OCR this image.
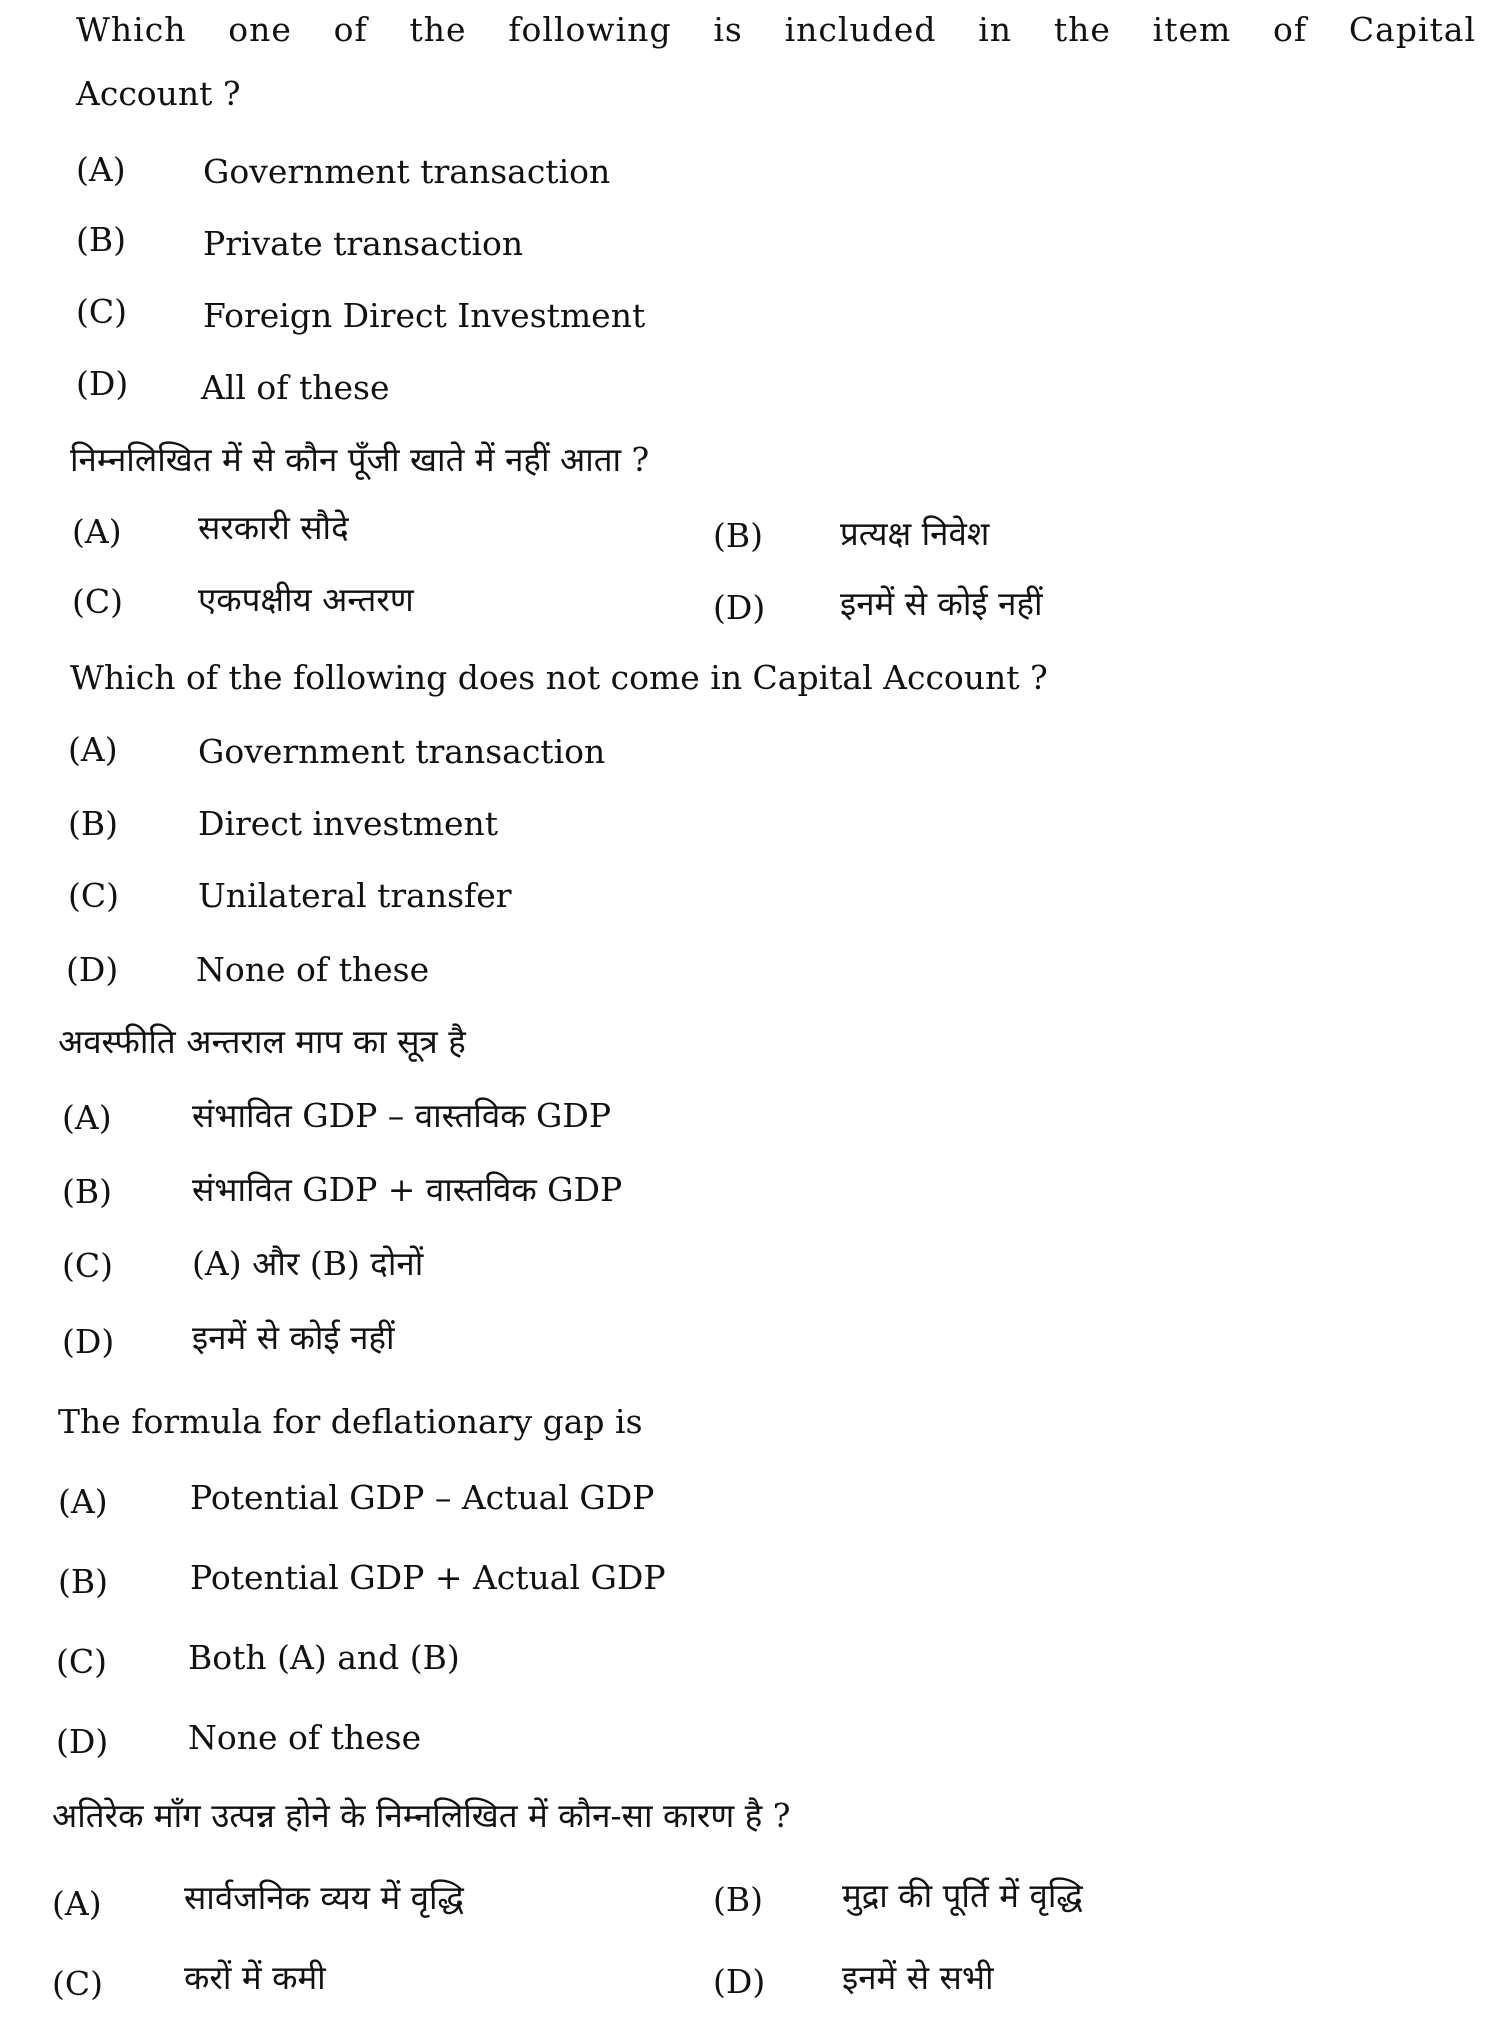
Which one of the following is included in the item of Capital
Account ?
(A) Government transaction
(B) Private transaction
(C) Foreign Direct Investment
(D) All of these
निम्नलिखित में से कौन पूँजी खाते में नहीं आता ?
(A) सरकारी सौदे	(B) प्रत्यक्ष निवेश
(C) एकपक्षीय अन्तरण	(D) इनमें से कोई नहीं
Which of the following does not come in Capital Account ?
(A) Government transaction
(B) Direct investment
(C) Unilateral transfer
(D) None of these
अवस्फीति अन्तराल माप का सूत्र है
(A) संभावित GDP – वास्तविक GDP
(B) संभावित GDP + वास्तविक GDP
(C) (A) और (B) दोनों
(D) इनमें से कोई नहीं
The formula for deflationary gap is
(A) Potential GDP – Actual GDP
(B) Potential GDP + Actual GDP
(C) Both (A) and (B)
(D) None of these
अतिरेक माँग उत्पन्न होने के निम्नलिखित में कौन-सा कारण है ?
(A) सार्वजनिक व्यय में वृद्धि	(B) मुद्रा की पूर्ति में वृद्धि
(C) करों में कमी	(D) इनमें से सभी
